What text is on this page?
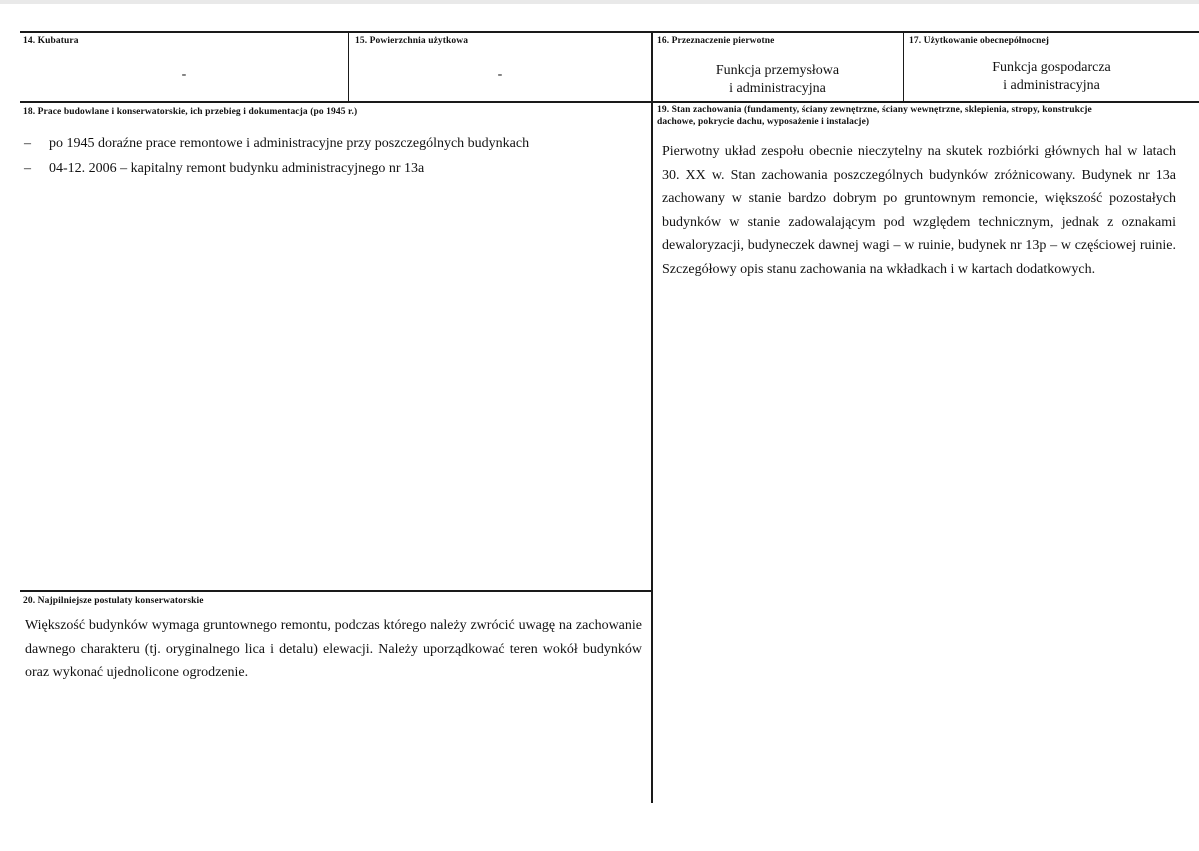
14. Kubatura
-
15. Powierzchnia użytkowa
-
16. Przeznaczenie pierwotne
Funkcja przemysłowa
i administracyjna
17. Użytkowanie obecnepółnocnej
Funkcja gospodarcza
i administracyjna
18. Prace budowlane i konserwatorskie, ich przebieg i dokumentacja (po 1945 r.)
–	po 1945 doraźne prace remontowe i administracyjne przy poszczególnych budynkach
–	04-12. 2006 – kapitalny remont budynku administracyjnego nr 13a
19. Stan zachowania (fundamenty, ściany zewnętrzne, ściany wewnętrzne, sklepienia, stropy, konstrukcje
dachowe, pokrycie dachu, wyposażenie i instalacje)
Pierwotny układ zespołu obecnie nieczytelny na skutek rozbiórki głównych hal w latach 30. XX w. Stan zachowania poszczególnych budynków zróżnicowany. Budynek nr 13a zachowany w stanie bardzo dobrym po gruntownym remoncie, większość pozostałych budynków w stanie zadowalającym pod względem technicznym, jednak z oznakami dewaloryzacji, budyneczek dawnej wagi – w ruinie, budynek nr 13p – w częściowej ruinie. Szczegółowy opis stanu zachowania na wkładkach i w kartach dodatkowych.
20. Najpilniejsze postulaty konserwatorskie
Większość budynków wymaga gruntownego remontu, podczas którego należy zwrócić uwagę na zachowanie dawnego charakteru (tj. oryginalnego lica i detalu) elewacji. Należy uporządkować teren wokół budynków oraz wykonać ujednolicone ogrodzenie.
